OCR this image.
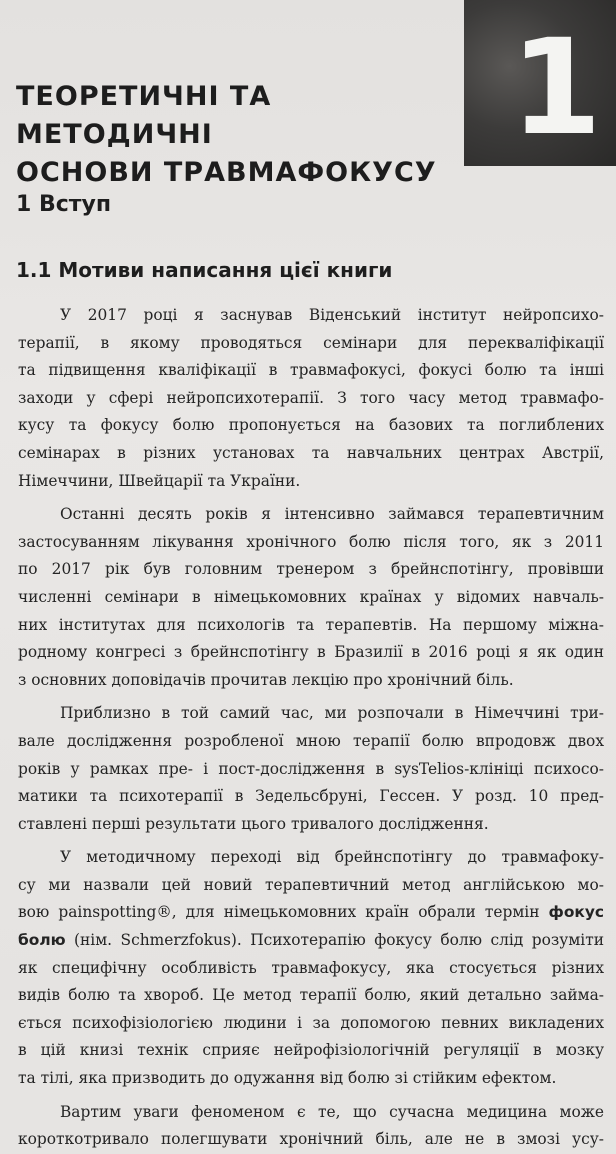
1
ТЕОРЕТИЧНІ ТА МЕТОДИЧНІ
ОСНОВИ ТРАВМАФОКУСУ
1 Вступ
1.1 Мотиви написання цієї книги
У 2017 році я заснував Віденський інститут нейропсихо-
терапії, в якому проводяться семінари для перекваліфікації
та підвищення кваліфікації в травмафокусі, фокусі болю та інші
заходи у сфері нейропсихотерапії. З того часу метод травмафо-
кусу та фокусу болю пропонується на базових та поглиблених
семінарах в різних установах та навчальних центрах Австрії,
Німеччини, Швейцарії та України.
Останні десять років я інтенсивно займався терапевтичним
застосуванням лікування хронічного болю після того, як з 2011
по 2017 рік був головним тренером з брейнспотінгу, провівши
численні семінари в німецькомовних країнах у відомих навчаль-
них інститутах для психологів та терапевтів. На першому міжна-
родному конгресі з брейнспотінгу в Бразилії в 2016 році я як один
з основних доповідачів прочитав лекцію про хронічний біль.
Приблизно в той самий час, ми розпочали в Німеччині три-
вале дослідження розробленої мною терапії болю впродовж двох
років у рамках пре- і пост-дослідження в sysTelios-клініці психосо-
матики та психотерапії в Зедельсбруні, Гессен. У розд. 10 пред-
ставлені перші результати цього тривалого дослідження.
У методичному переході від брейнспотінгу до травмафоку-
су ми назвали цей новий терапевтичний метод англійською мо-
вою painspotting®, для німецькомовних країн обрали термін фокус
болю (нім. Schmerzfokus). Психотерапію фокусу болю слід розуміти
як специфічну особливість травмафокусу, яка стосується різних
видів болю та хвороб. Це метод терапії болю, який детально займа-
ється психофізіологією людини і за допомогою певних викладених
в цій книзі технік сприяє нейрофізіологічній регуляції в мозку
та тілі, яка призводить до одужання від болю зі стійким ефектом.
Вартим уваги феноменом є те, що сучасна медицина може
короткотривало полегшувати хронічний біль, але не в змозі усу-
